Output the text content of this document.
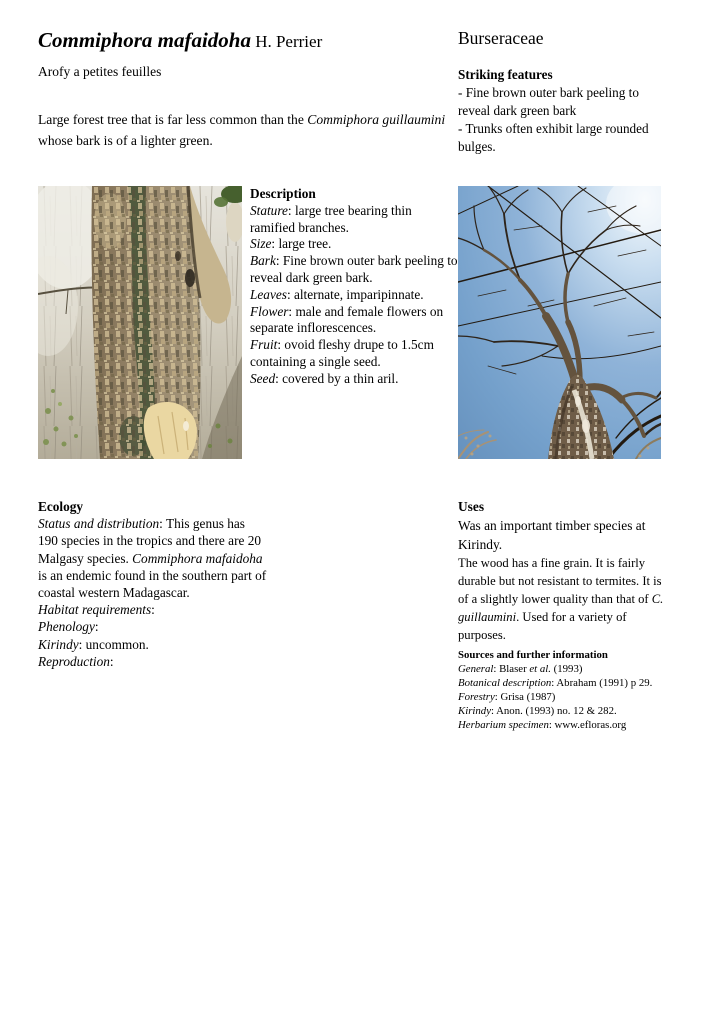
Commiphora mafaidoha H. Perrier
Arofy a petites feuilles
Large forest tree that is far less common than the Commiphora guillaumini whose bark is of a lighter green.
Burseraceae
Striking features
- Fine brown outer bark peeling to reveal dark green bark
- Trunks often exhibit large rounded bulges.
Description
Stature: large tree bearing thin ramified branches.
Size: large tree.
Bark: Fine brown outer bark peeling to reveal dark green bark.
Leaves: alternate, imparipinnate.
Flower: male and female flowers on separate inflorescences.
Fruit: ovoid fleshy drupe to 1.5cm containing a single seed.
Seed: covered by a thin aril.
Ecology
Status and distribution: This genus has 190 species in the tropics and there are 20 Malgasy species. Commiphora mafaidoha is an endemic found in the southern part of coastal western Madagascar.
Habitat requirements:
Phenology:
Kirindy: uncommon.
Reproduction:
Uses
Was an important timber species at Kirindy.
The wood has a fine grain. It is fairly durable but not resistant to termites. It is of a slightly lower quality than that of C. guillaumini. Used for a variety of purposes.
Sources and further information
General: Blaser et al. (1993)
Botanical description: Abraham (1991) p 29.
Forestry: Grisa (1987)
Kirindy: Anon. (1993) no. 12 & 282.
Herbarium specimen: www.efloras.org
